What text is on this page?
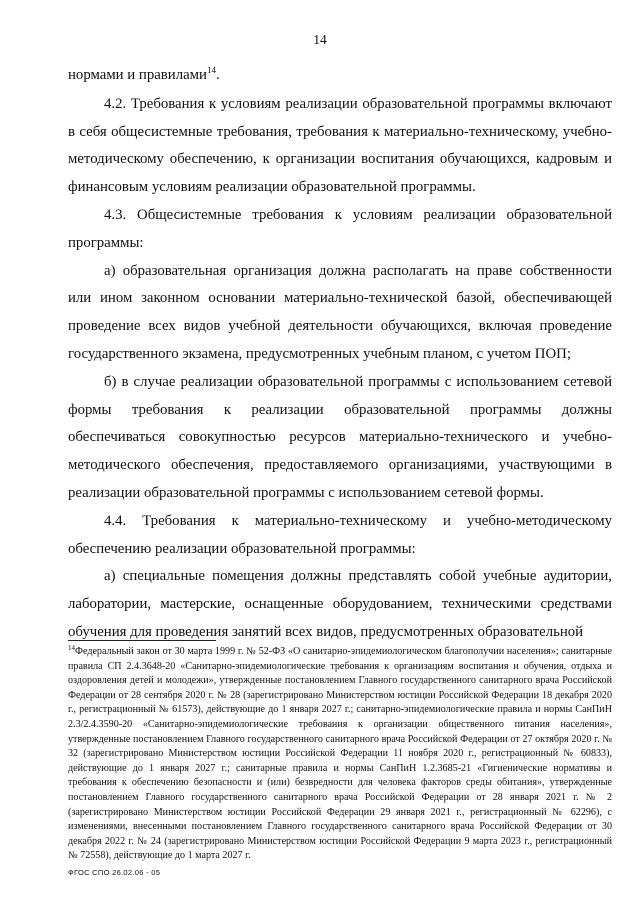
14

нормами и правилами$^{14}$.

4.2. Требования к условиям реализации образовательной программы включают в себя общесистемные требования, требования к материально-техническому, учебно-методическому обеспечению, к организации воспитания обучающихся, кадровым и финансовым условиям реализации образовательной программы.

4.3. Общесистемные требования к условиям реализации образовательной программы:

а) образовательная организация должна располагать на праве собственности или ином законном основании материально-технической базой, обеспечивающей проведение всех видов учебной деятельности обучающихся, включая проведение государственного экзамена, предусмотренных учебным планом, с учетом ПОП;

б) в случае реализации образовательной программы с использованием сетевой формы требования к реализации образовательной программы должны обеспечиваться совокупностью ресурсов материально-технического и учебно-методического обеспечения, предоставляемого организациями, участвующими в реализации образовательной программы с использованием сетевой формы.

4.4. Требования к материально-техническому и учебно-методическому обеспечению реализации образовательной программы:

а) специальные помещения должны представлять собой учебные аудитории, лаборатории, мастерские, оснащенные оборудованием, техническими средствами обучения для проведения занятий всех видов, предусмотренных образовательной

$^{14}$Федеральный закон от 30 марта 1999 г. № 52-ФЗ «О санитарно-эпидемиологическом благополучии населения»; санитарные правила СП 2.4.3648-20 «Санитарно-эпидемиологические требования к организациям воспитания и обучения, отдыха и оздоровления детей и молодежи», утвержденные постановлением Главного государственного санитарного врача Российской Федерации от 28 сентября 2020 г. № 28 (зарегистрировано Министерством юстиции Российской Федерации 18 декабря 2020 г., регистрационный № 61573), действующие до 1 января 2027 г.; санитарно-эпидемиологические правила и нормы СанПиН 2.3/2.4.3590-20 «Санитарно-эпидемиологические требования к организации общественного питания населения», утвержденные постановлением Главного государственного санитарного врача Российской Федерации от 27 октября 2020 г. № 32 (зарегистрировано Министерством юстиции Российской Федерации 11 ноября 2020 г., регистрационный № 60833), действующие до 1 января 2027 г.; санитарные правила и нормы СанПиН 1.2.3685-21 «Гигиенические нормативы и требования к обеспечению безопасности и (или) безвредности для человека факторов среды обитания», утвержденные постановлением Главного государственного санитарного врача Российской Федерации от 28 января 2021 г. № 2 (зарегистрировано Министерством юстиции Российской Федерации 29 января 2021 г., регистрационный № 62296), с изменениями, внесенными постановлением Главного государственного санитарного врача Российской Федерации от 30 декабря 2022 г. № 24 (зарегистрировано Министерством юстиции Российской Федерации 9 марта 2023 г., регистрационный № 72558), действующие до 1 марта 2027 г.
ФГОС СПО 26.02.06 - 05
